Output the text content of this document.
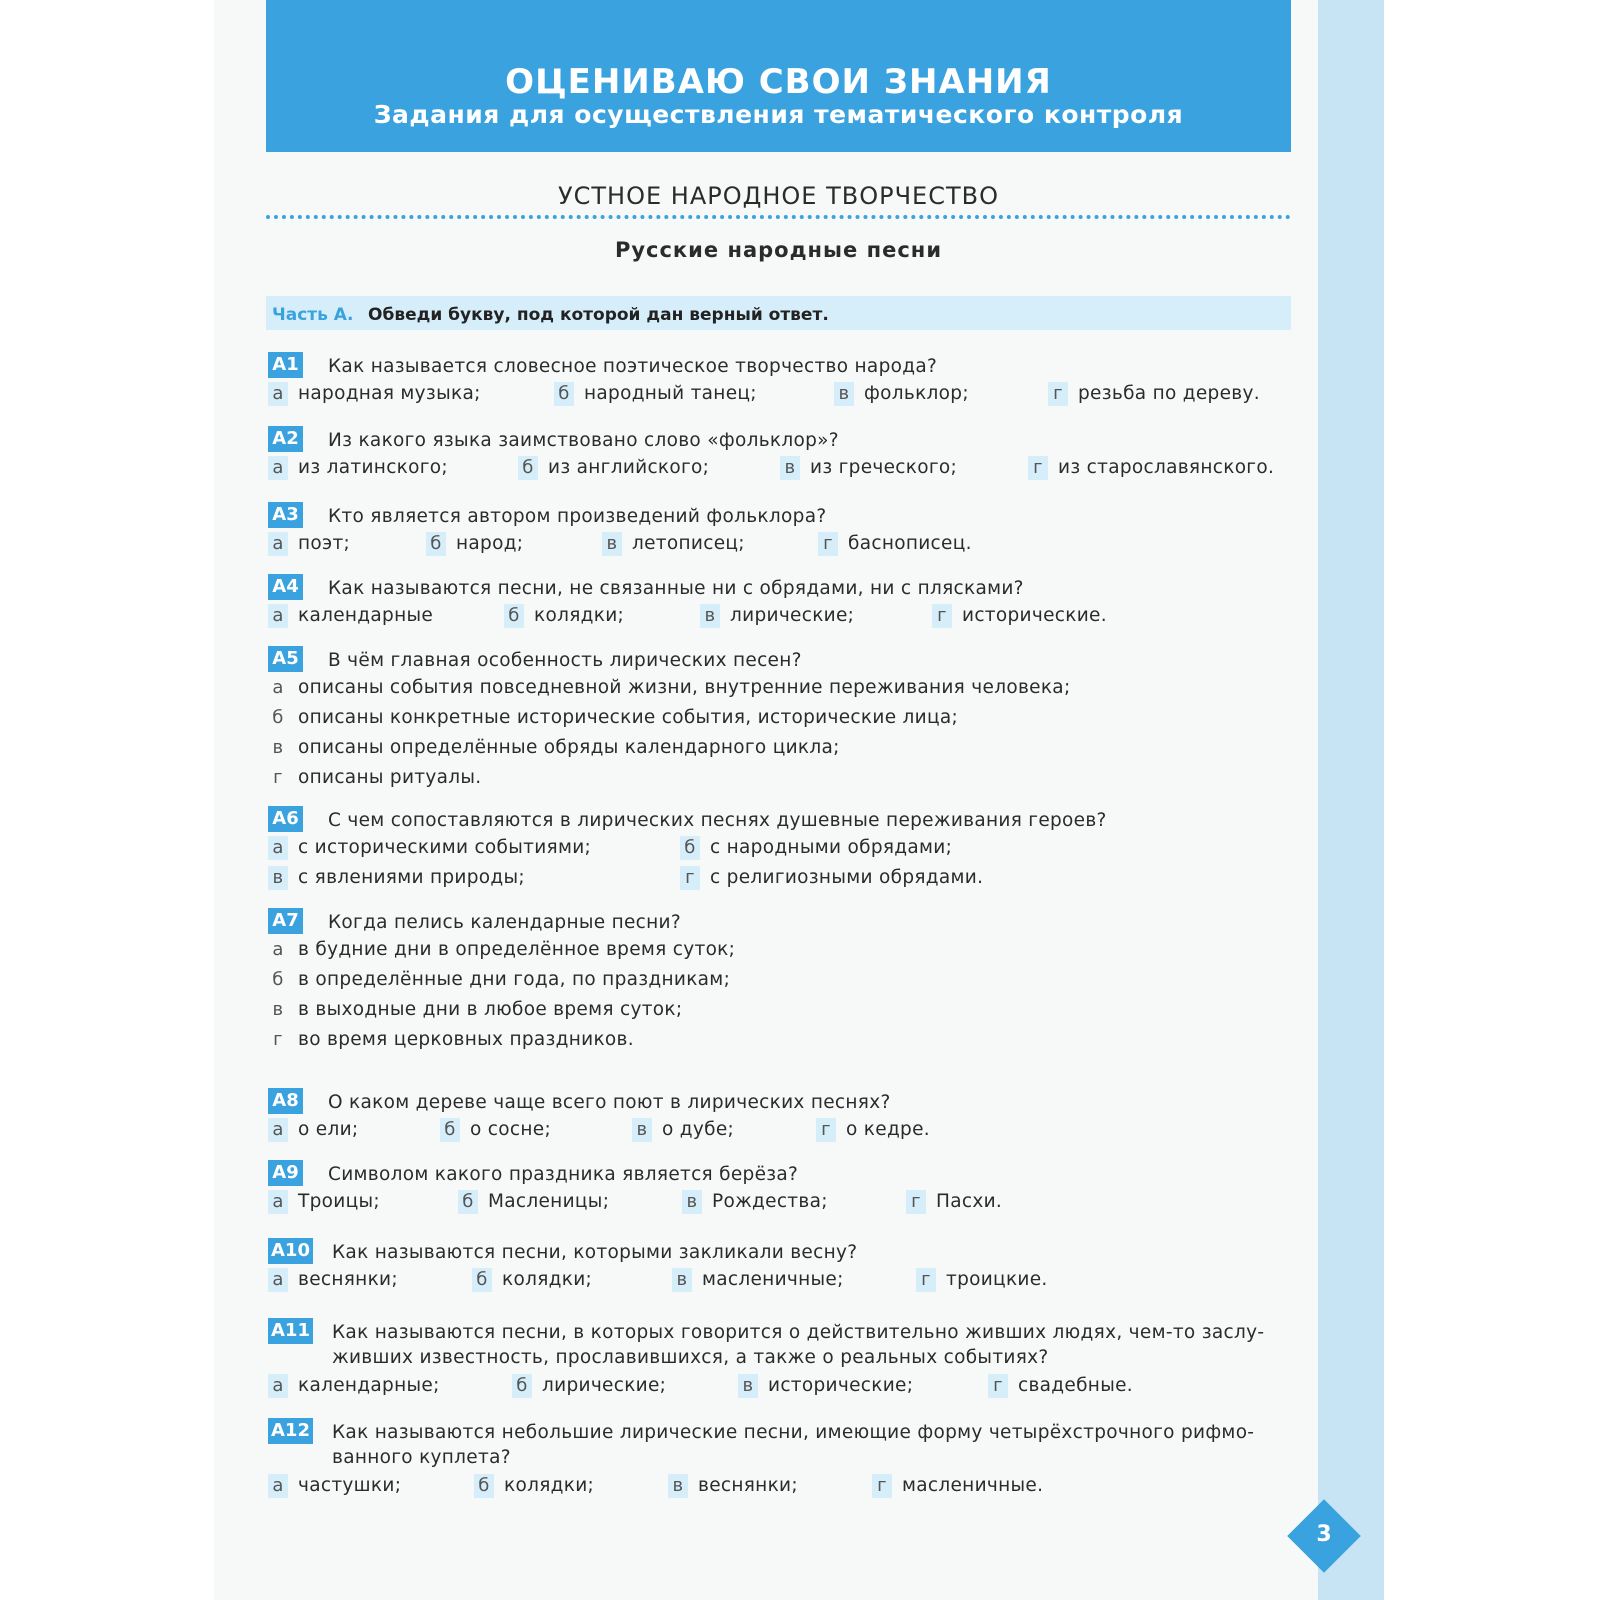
ОЦЕНИВАЮ СВОИ ЗНАНИЯ
Задания для осуществления тематического контроля
УСТНОЕ НАРОДНОЕ ТВОРЧЕСТВО
Русские народные песни
Часть А. Обведи букву, под которой дан верный ответ.
А1 Как называется словесное поэтическое творчество народа?
а народная музыка;	б народный танец;	в фольклор;	г резьба по дереву.
А2 Из какого языка заимствовано слово «фольклор»?
а из латинского;	б из английского;	в из греческого;	г из старославянского.
А3 Кто является автором произведений фольклора?
а поэт;	б народ;	в летописец;	г баснописец.
А4 Как называются песни, не связанные ни с обрядами, ни с плясками?
а календарные	б колядки;	в лирические;	г исторические.
А5 В чём главная особенность лирических песен?
а описаны события повседневной жизни, внутренние переживания человека;
б описаны конкретные исторические события, исторические лица;
в описаны определённые обряды календарного цикла;
г описаны ритуалы.
А6 С чем сопоставляются в лирических песнях душевные переживания героев?
а с историческими событиями;	б с народными обрядами;
в с явлениями природы;	г с религиозными обрядами.
А7 Когда пелись календарные песни?
а в будние дни в определённое время суток;
б в определённые дни года, по праздникам;
в в выходные дни в любое время суток;
г во время церковных праздников.
А8 О каком дереве чаще всего поют в лирических песнях?
а о ели;	б о сосне;	в о дубе;	г о кедре.
А9 Символом какого праздника является берёза?
а Троицы;	б Масленицы;	в Рождества;	г Пасхи.
А10 Как называются песни, которыми закликали весну?
а веснянки;	б колядки;	в масленичные;	г троицкие.
А11 Как называются песни, в которых говорится о действительно живших людях, чем-то заслу-
живших известность, прославившихся, а также о реальных событиях?
а календарные;	б лирические;	в исторические;	г свадебные.
А12 Как называются небольшие лирические песни, имеющие форму четырёхстрочного рифмо-
ванного куплета?
а частушки;	б колядки;	в веснянки;	г масленичные.
3
